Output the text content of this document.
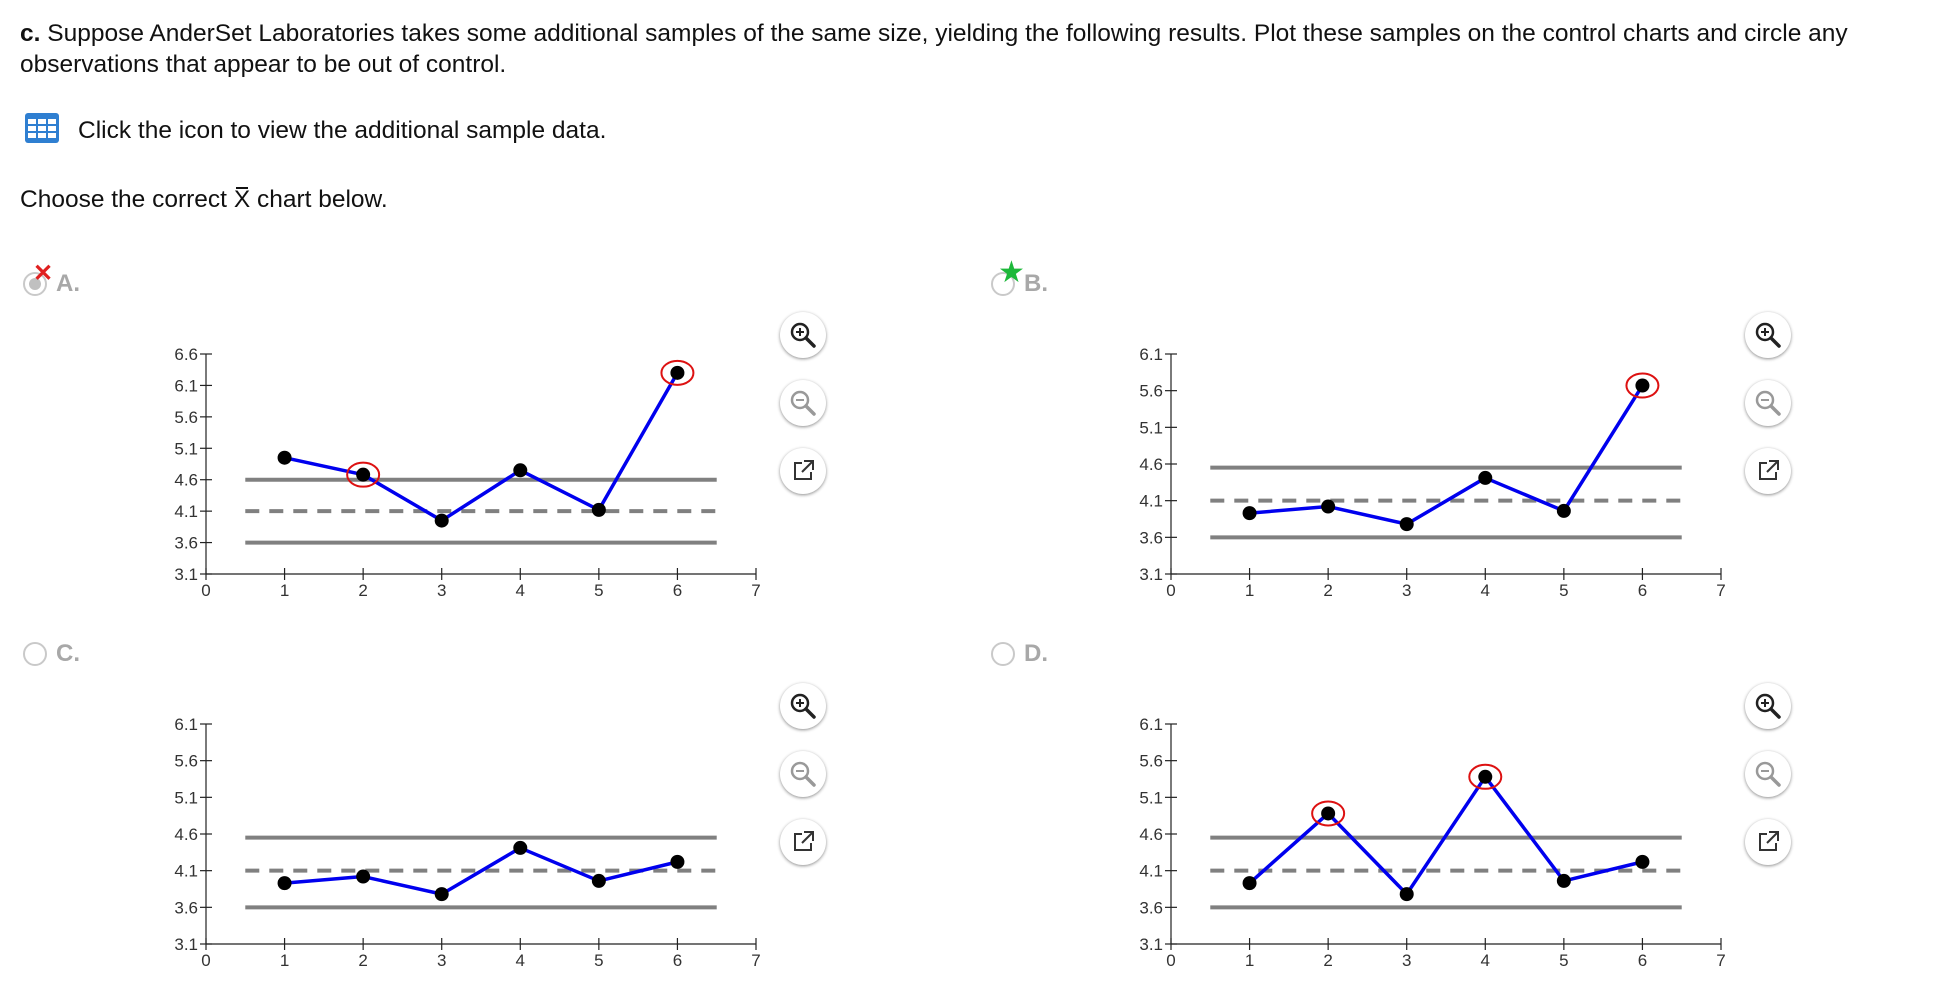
c. Suppose AnderSet Laboratories takes some additional samples of the same size, yielding the following results. Plot these samples on the control charts and circle any observations that appear to be out of control.

Click the icon to view the additional sample data.
Choose the correct X chart below.
✕ A.
3.1
3.6
4.1
4.6
5.1
5.6
6.1
6.6
0	1	2	3	4	5	6	7
★ B.
3.1
3.6
4.1
4.6
5.1
5.6
6.1
0	1	2	3	4	5	6	7
C.
3.1
3.6
4.1
4.6
5.1
5.6
6.1
0	1	2	3	4	5	6	7
D.
3.1
3.6
4.1
4.6
5.1
5.6
6.1
0	1	2	3	4	5	6	7
